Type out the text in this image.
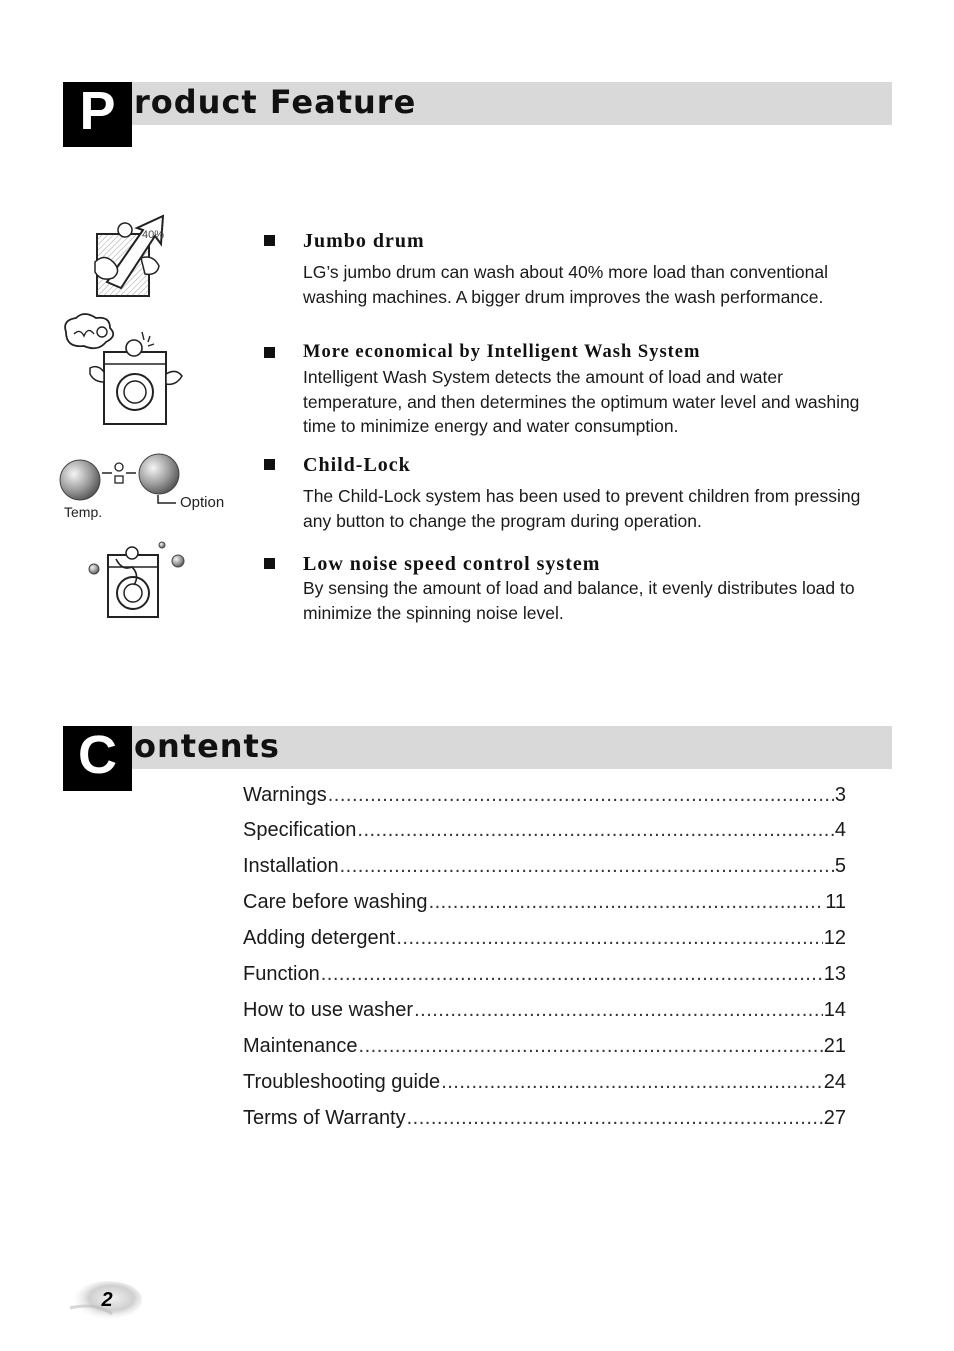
P roduct Feature
40%
Option
Temp.
Jumbo drum
LG’s jumbo drum can wash about 40% more load than conventional washing machines. A bigger drum improves the wash performance.
More economical by Intelligent Wash System
Intelligent Wash System detects the amount of load and water temperature, and then determines the optimum water level and washing time to minimize energy and water consumption.
Child-Lock
The Child-Lock system has been used to prevent children from pressing any button to change the program during operation.
Low noise speed control system
By sensing the amount of load and balance, it evenly distributes load to minimize the spinning noise level.
C ontents
Warnings .....	3
Specification .....	4
Installation .....	5
Care before washing .....	11
Adding detergent .....	12
Function .....	13
How to use washer .....	14
Maintenance .....	21
Troubleshooting guide .....	24
Terms of Warranty .....	27
2
